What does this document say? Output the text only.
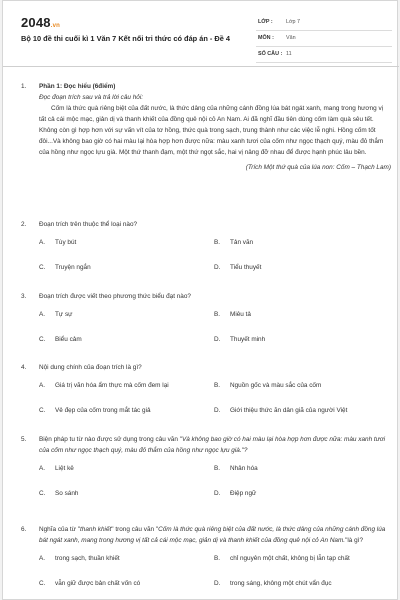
2048.vn
Bộ 10 đề thi cuối kì 1 Văn 7 Kết nối tri thức có đáp án - Đề 4
LỚP : Lớp 7
MÔN : Văn
SỐ CÂU : 11
1. Phần 1: Đọc hiểu (6điểm)
Đọc đoạn trích sau và trả lời câu hỏi:
Cốm là thức quà riêng biệt của đất nước, là thức dâng của những cánh đồng lúa bát ngát xanh, mang trong hương vị tất cả cái mộc mạc, giản dị và thanh khiết của đồng quê nội cỏ An Nam. Ai đã nghĩ đầu tiên dùng cốm làm quà sêu tết. Không còn gì hợp hơn với sự vấn vít của tơ hồng, thức quà trong sạch, trung thành như các việc lễ nghi. Hồng cốm tốt đôi...Và không bao giờ có hai màu lại hòa hợp hơn được nữa: màu xanh tươi của cốm như ngọc thạch quý, màu đỏ thắm của hồng như ngọc lựu già. Một thứ thanh đạm, một thứ ngọt sắc, hai vị nâng đỡ nhau để được hạnh phúc lâu bền.
(Trích Một thứ quà của lúa non: Cốm – Thạch Lam)
2. Đoạn trích trên thuộc thể loại nào?
A. Tùy bút	B. Tản văn
C. Truyện ngắn	D. Tiểu thuyết
3. Đoạn trích được viết theo phương thức biểu đạt nào?
A. Tự sự	B. Miêu tả
C. Biểu cảm	D. Thuyết minh
4. Nội dung chính của đoạn trích là gì?
A. Giá trị văn hóa ẩm thực mà cốm đem lại	B. Nguồn gốc và màu sắc của cốm
C. Vẻ đẹp của cốm trong mắt tác giả	D. Giới thiệu thức ăn dân giã của người Việt
5. Biện pháp tu từ nào được sử dụng trong câu văn "Và không bao giờ có hai màu lại hòa hợp hơn được nữa: màu xanh tươi của cốm như ngọc thạch quý, màu đỏ thắm của hồng như ngọc lựu già."?
A. Liệt kê	B. Nhân hóa
C. So sánh	D. Điệp ngữ
6. Nghĩa của từ "thanh khiết" trong câu văn "Cốm là thức quà riêng biệt của đất nước, là thức dâng của những cánh đồng lúa bát ngát xanh, mang trong hương vị tất cả cái mộc mạc, giản dị và thanh khiết của đồng quê nội cỏ An Nam."là gì?
A. trong sạch, thuần khiết	B. chỉ nguyên một chất, không bị lẫn tạp chất
C. vẫn giữ được bản chất vốn có	D. trong sáng, không một chút vẩn đục
